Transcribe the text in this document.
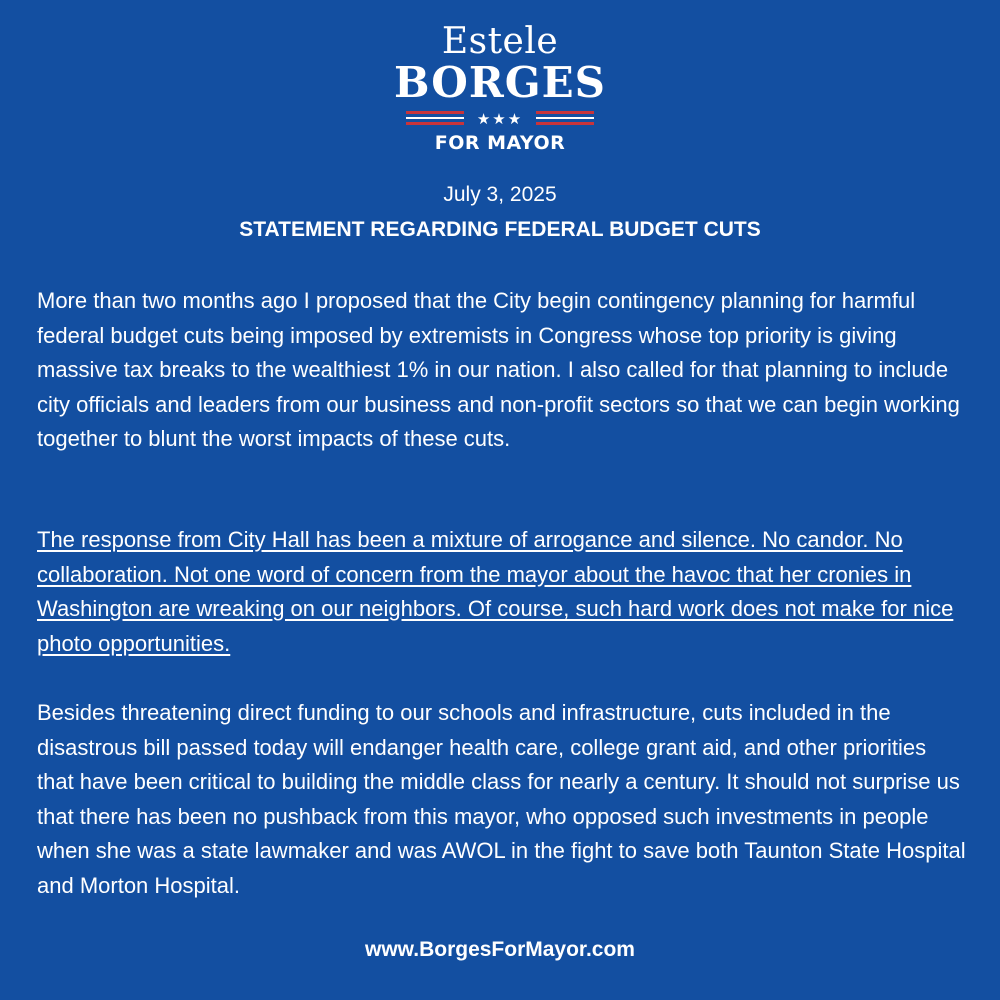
Estele
BORGES
★★★
FOR MAYOR
July 3, 2025
STATEMENT REGARDING FEDERAL BUDGET CUTS

More than two months ago I proposed that the City begin contingency planning for harmful federal budget cuts being imposed by extremists in Congress whose top priority is giving massive tax breaks to the wealthiest 1% in our nation. I also called for that planning to include city officials and leaders from our business and non-profit sectors so that we can begin working together to blunt the worst impacts of these cuts.

The response from City Hall has been a mixture of arrogance and silence. No candor. No collaboration. Not one word of concern from the mayor about the havoc that her cronies in Washington are wreaking on our neighbors. Of course, such hard work does not make for nice photo opportunities.

Besides threatening direct funding to our schools and infrastructure, cuts included in the disastrous bill passed today will endanger health care, college grant aid, and other priorities that have been critical to building the middle class for nearly a century. It should not surprise us that there has been no pushback from this mayor, who opposed such investments in people when she was a state lawmaker and was AWOL in the fight to save both Taunton State Hospital and Morton Hospital.

www.BorgesForMayor.com
